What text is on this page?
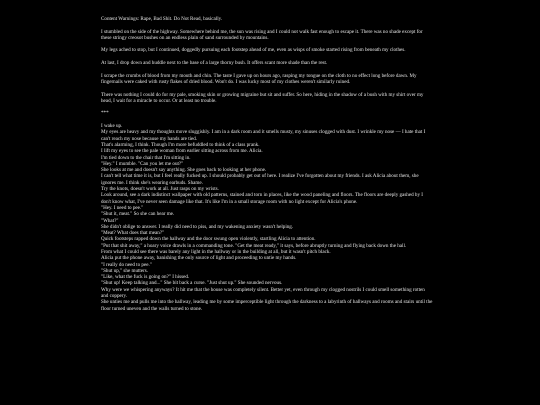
Content Warnings: Rape, Bad Shit. Do Not Read, basically.

I stumbled on the side of the highway. Somewhere behind me, the sun was rising and I could not walk fast enough to escape it. There was no shade except for these stringy creosot bushes on an endless plain of sand surrounded by mountains.

My legs ached to stop, but I continued, doggedly pursuing each footstep ahead of me, even as wisps of smoke started rising from beneath my clothes.

At last, I drop down and huddle next to the base of a large thorny bush. It offers scant more shade than the rest.

I scrape the crumbs of blood from my mouth and chin. The taste I gave up on hours ago, rasping my tongue on the cloth to no effect long before dawn. My fingernails were caked with rusty flakes of dried blood. Won't do. I was lucky most of my clothes weren't similarly ruined.

There was nothing I could do for my pale, smoking skin or growing migraine but sit and suffer. So here, hiding in the shadow of a bush with my shirt over my head, I wait for a miracle to occur. Or at least no trouble.

***

I wake up.
My eyes are heavy and my thoughts move sluggishly. I am in a dark room and it smells musty, my sinuses clogged with dust. I wrinkle my nose — I hate that I can't reach my nose because my hands are tied.
That's alarming, I think. Though I'm more befuddled to think of a class prank.
I lift my eyes to see the pale woman from earlier sitting across from me. Alicia.
I'm tied down to the chair that I'm sitting in.
"Hey." I mumble. "Can you let me out?"
She looks at me and doesn't say anything. She goes back to looking at her phone.
I can't tell what time it is, but I feel really fucked up. I should probably get out of here. I realize I've forgotten about my friends. I ask Alicia about them, she ignores me. I think she's wearing earbuds. Shame.
Try the knots, doesn't work at all. Just rasps on my wrists.
Look around, see a dark indistinct wallpaper with old patterns, stained and torn in places, like the wood paneling and floors. The floors are deeply gashed by I don't know what, I've never seen damage like that. It's like I'm in a small storage room with no light except for Alicia's phone.
"Hey. I need to pee."
"Shut it, meat." So she can hear me.
"What?"
She didn't oblige to answer. I really did need to piss, and my wakening anxiety wasn't helping.
"Meat? What does that mean?"
Quick footsteps rapped down the hallway and the door swung open violently, startling Alicia to attention.
"Put that shit away," a hoary voice drawls in a commanding tone. "Get the meat ready," it says, before abruptly turning and flying back down the hall.
From what I could see there was barely any light in the hallway or in the building at all, but it wasn't pitch black.
Alicia put the phone away, banishing the only source of light and proceeding to untie my hands.
"I really do need to pee."
"Shut up," she mutters.
"Like, what the fuck is going on?" I hissed.
"Shut up! Keep talking and..." She bit back a curse. "Just shut up." She sounded nervous.
Why were we whispering anyways? It hit me that the house was completely silent. Better yet, even through my clogged nostrils I could smell something rotten and coppery.
She unties me and pulls me into the hallway, leading me by some imperceptible light through the darkness to a labyrinth of hallways and rooms and stairs until the floor turned uneven and the walls turned to stone.
